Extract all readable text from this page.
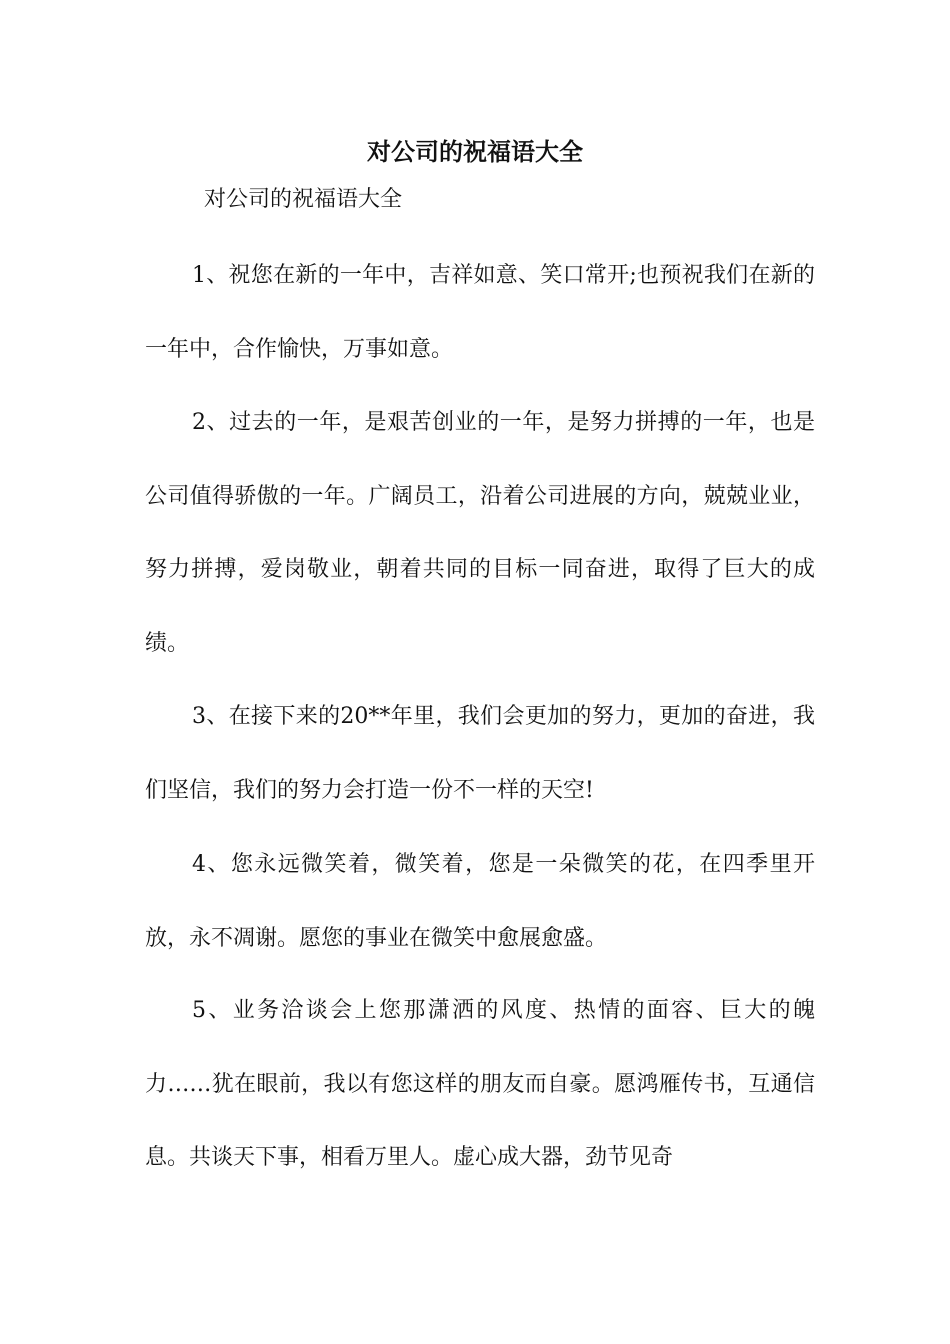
对公司的祝福语大全
对公司的祝福语大全

1、祝您在新的一年中，吉祥如意、笑口常开;也预祝我们在新的一年中，合作愉快，万事如意。

2、过去的一年，是艰苦创业的一年，是努力拼搏的一年，也是公司值得骄傲的一年。广阔员工，沿着公司进展的方向，兢兢业业，努力拼搏，爱岗敬业，朝着共同的目标一同奋进，取得了巨大的成绩。

3、在接下来的20**年里，我们会更加的努力，更加的奋进，我们坚信，我们的努力会打造一份不一样的天空!

4、您永远微笑着，微笑着，您是一朵微笑的花，在四季里开放，永不凋谢。愿您的事业在微笑中愈展愈盛。

5、业务洽谈会上您那潇洒的风度、热情的面容、巨大的魄力……犹在眼前，我以有您这样的朋友而自豪。愿鸿雁传书，互通信息。共谈天下事，相看万里人。虚心成大器，劲节见奇
